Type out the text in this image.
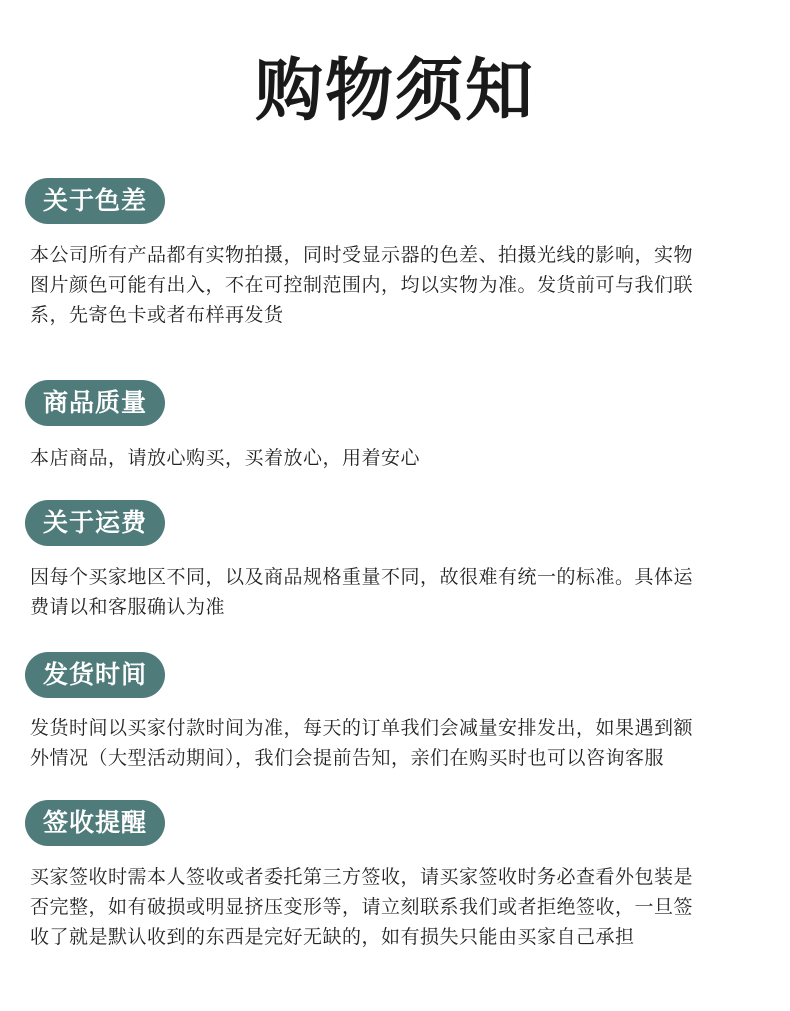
购物须知
关于色差
本公司所有产品都有实物拍摄，同时受显示器的色差、拍摄光线的影响，实物
图片颜色可能有出入，不在可控制范围内，均以实物为准。发货前可与我们联
系，先寄色卡或者布样再发货
商品质量
本店商品，请放心购买，买着放心，用着安心
关于运费
因每个买家地区不同，以及商品规格重量不同，故很难有统一的标准。具体运
费请以和客服确认为准
发货时间
发货时间以买家付款时间为准，每天的订单我们会减量安排发出，如果遇到额
外情况（大型活动期间），我们会提前告知，亲们在购买时也可以咨询客服
签收提醒
买家签收时需本人签收或者委托第三方签收，请买家签收时务必查看外包装是
否完整，如有破损或明显挤压变形等，请立刻联系我们或者拒绝签收，一旦签
收了就是默认收到的东西是完好无缺的，如有损失只能由买家自己承担
